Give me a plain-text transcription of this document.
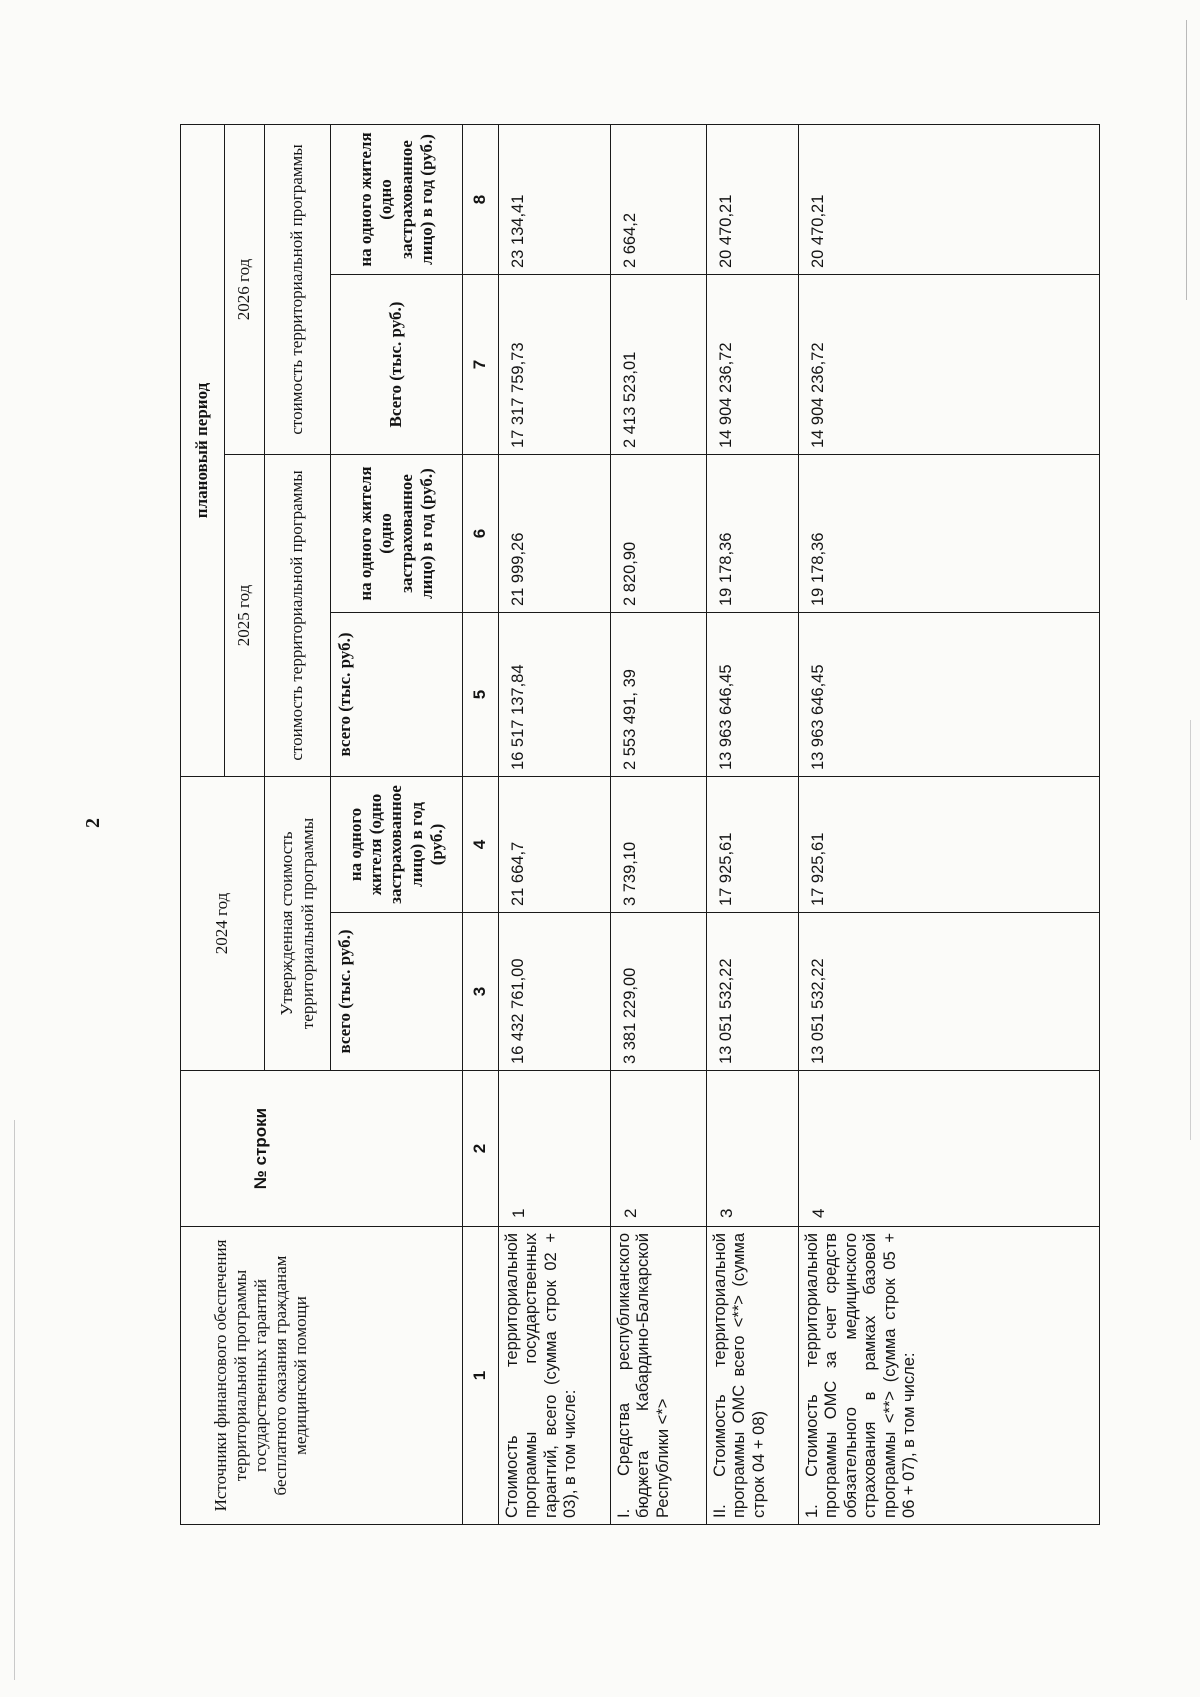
2
Источники финансового обеспечения территориальной программы государственных гарантий бесплатного оказания гражданам медицинской помощи	№ строки	2024 год		плановый период			
				2025 год		2026 год	
		Утвержденная стоимость территориальной программы		стоимость территориальной программы		стоимость территориальной программы	
		всего (тыс. руб.)	на одного жителя (одно застрахованное лицо) в год (руб.)	всего (тыс. руб.)	на одного жителя (одно застрахованное лицо) в год (руб.)	Всего (тыс. руб.)	на одного жителя (одно застрахованное лицо) в год (руб.)
1	2	3	4	5	6	7	8
Стоимость территориальной программы государственных гарантий, всего (сумма строк 02 + 03), в том числе:	1	16 432 761,00	21 664,7	16 517 137,84	21 999,26	17 317 759,73	23 134,41
I. Средства республиканского бюджета Кабардино-Балкарской Республики <*>	2	3 381 229,00	3 739,10	2 553 491, 39	2 820,90	2 413 523,01	2 664,2
II. Стоимость территориальной программы ОМС всего <**> (сумма строк 04 + 08)	3	13 051 532,22	17 925,61	13 963 646,45	19 178,36	14 904 236,72	20 470,21
1. Стоимость территориальной программы ОМС за счет средств обязательного медицинского страхования в рамках базовой программы <**> (сумма строк 05 + 06 + 07), в том числе:	4	13 051 532,22	17 925,61	13 963 646,45	19 178,36	14 904 236,72	20 470,21
